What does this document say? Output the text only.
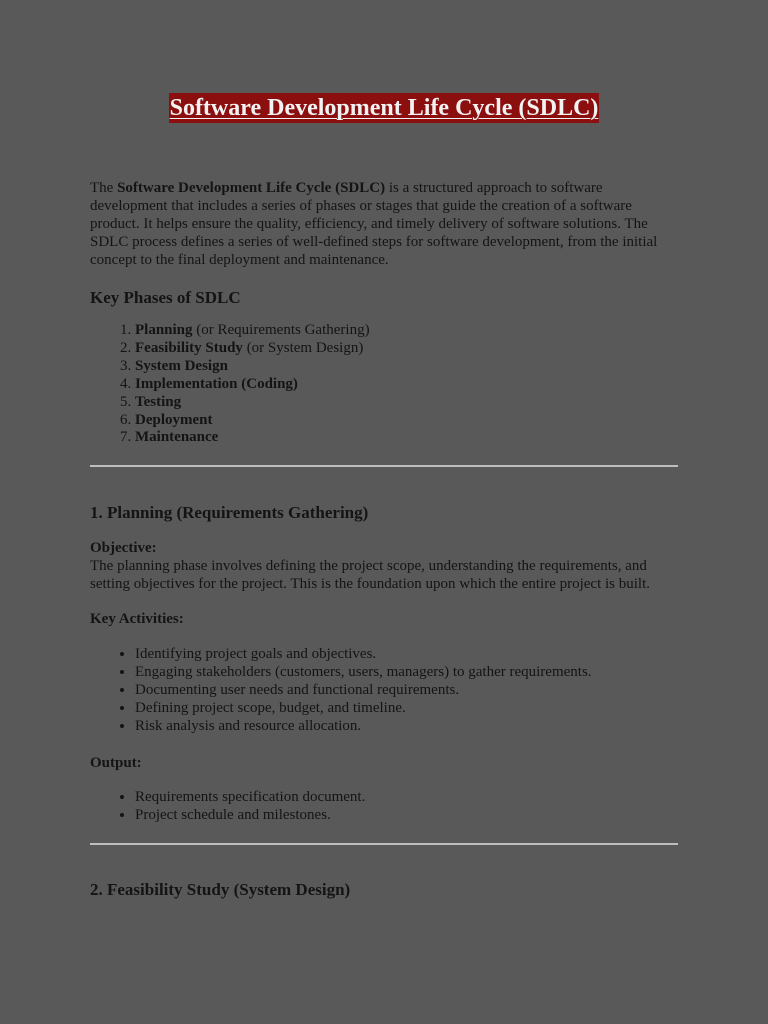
Software Development Life Cycle (SDLC)

The Software Development Life Cycle (SDLC) is a structured approach to software development that includes a series of phases or stages that guide the creation of a software product. It helps ensure the quality, efficiency, and timely delivery of software solutions. The SDLC process defines a series of well-defined steps for software development, from the initial concept to the final deployment and maintenance.

Key Phases of SDLC
1. Planning (or Requirements Gathering)
2. Feasibility Study (or System Design)
3. System Design
4. Implementation (Coding)
5. Testing
6. Deployment
7. Maintenance
1. Planning (Requirements Gathering)

Objective:

The planning phase involves defining the project scope, understanding the requirements, and setting objectives for the project. This is the foundation upon which the entire project is built.

Key Activities:

• Identifying project goals and objectives.
• Engaging stakeholders (customers, users, managers) to gather requirements.
• Documenting user needs and functional requirements.
• Defining project scope, budget, and timeline.
• Risk analysis and resource allocation.

Output:

• Requirements specification document.
• Project schedule and milestones.
2. Feasibility Study (System Design)
